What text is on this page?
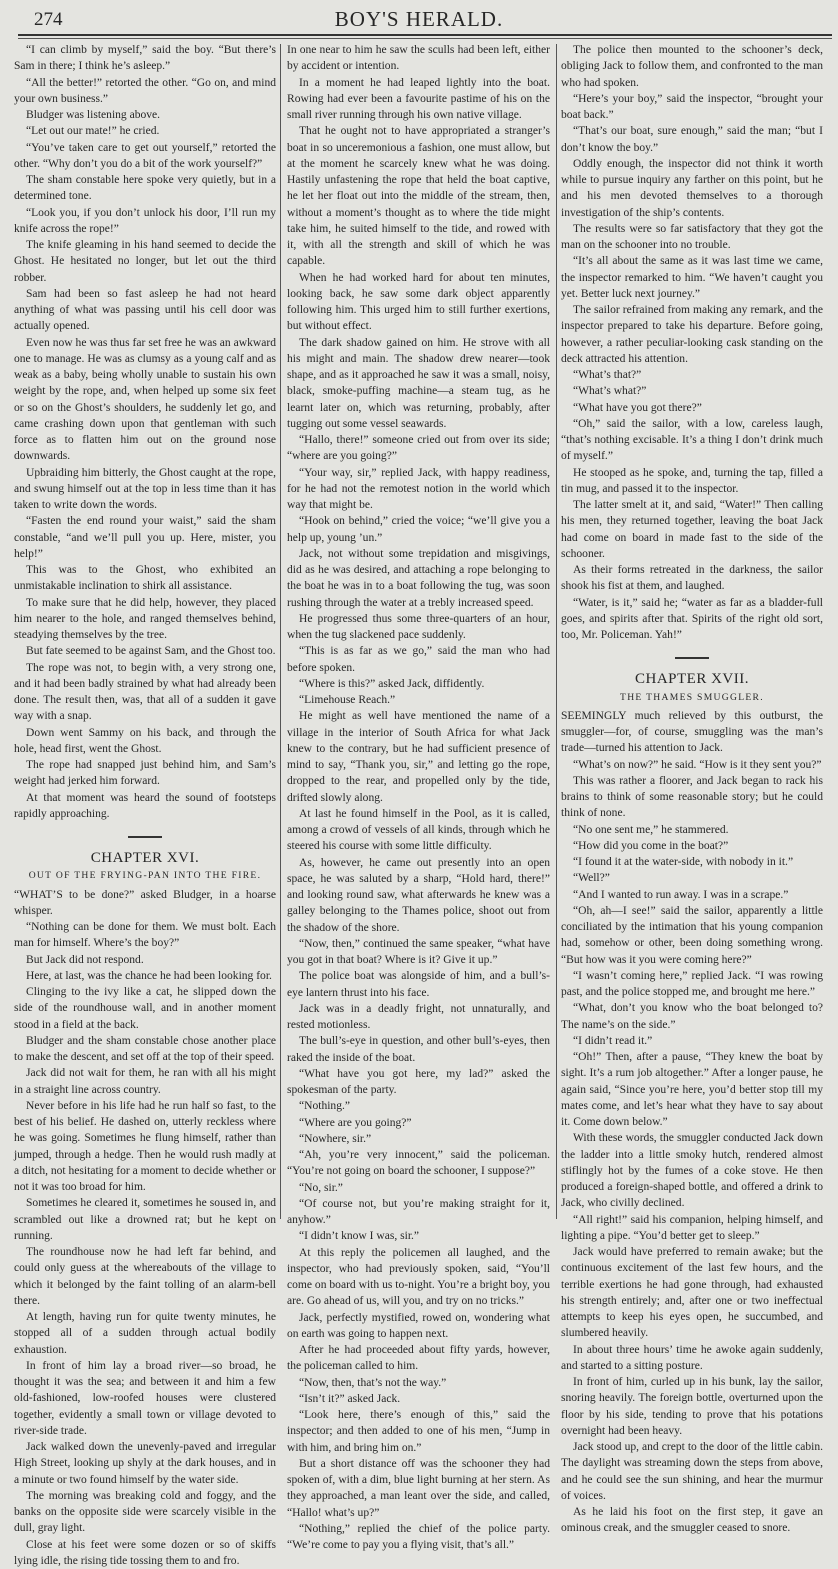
274	BOY'S HERALD.

“I can climb by myself,” said the boy. “But there’s Sam in there; I think he’s asleep.”

“All the better!” retorted the other. “Go on, and mind your own business.”

Bludger was listening above.

“Let out our mate!” he cried.

“You’ve taken care to get out yourself,” retorted the other. “Why don’t you do a bit of the work yourself?”

The sham constable here spoke very quietly, but in a determined tone.

“Look you, if you don’t unlock his door, I’ll run my knife across the rope!”

The knife gleaming in his hand seemed to decide the Ghost. He hesitated no longer, but let out the third robber.

Sam had been so fast asleep he had not heard anything of what was passing until his cell door was actually opened.

Even now he was thus far set free he was an awkward one to manage. He was as clumsy as a young calf and as weak as a baby, being wholly unable to sustain his own weight by the rope, and, when helped up some six feet or so on the Ghost’s shoulders, he suddenly let go, and came crashing down upon that gentleman with such force as to flatten him out on the ground nose downwards.

Upbraiding him bitterly, the Ghost caught at the rope, and swung himself out at the top in less time than it has taken to write down the words.

“Fasten the end round your waist,” said the sham constable, “and we’ll pull you up. Here, mister, you help!”

This was to the Ghost, who exhibited an unmistakable inclination to shirk all assistance.

To make sure that he did help, however, they placed him nearer to the hole, and ranged themselves behind, steadying themselves by the tree.

But fate seemed to be against Sam, and the Ghost too.

The rope was not, to begin with, a very strong one, and it had been badly strained by what had already been done. The result then, was, that all of a sudden it gave way with a snap.

Down went Sammy on his back, and through the hole, head first, went the Ghost.

The rope had snapped just behind him, and Sam’s weight had jerked him forward.

At that moment was heard the sound of footsteps rapidly approaching.

CHAPTER XVI.
OUT OF THE FRYING-PAN INTO THE FIRE.

“WHAT’S to be done?” asked Bludger, in a hoarse whisper.

“Nothing can be done for them. We must bolt. Each man for himself. Where’s the boy?”

But Jack did not respond.

Here, at last, was the chance he had been looking for.

Clinging to the ivy like a cat, he slipped down the side of the roundhouse wall, and in another moment stood in a field at the back.

Bludger and the sham constable chose another place to make the descent, and set off at the top of their speed.

Jack did not wait for them, he ran with all his might in a straight line across country.

Never before in his life had he run half so fast, to the best of his belief. He dashed on, utterly reckless where he was going. Sometimes he flung himself, rather than jumped, through a hedge. Then he would rush madly at a ditch, not hesitating for a moment to decide whether or not it was too broad for him.

Sometimes he cleared it, sometimes he soused in, and scrambled out like a drowned rat; but he kept on running.

The roundhouse now he had left far behind, and could only guess at the whereabouts of the village to which it belonged by the faint tolling of an alarm-bell there.

At length, having run for quite twenty minutes, he stopped all of a sudden through actual bodily exhaustion.

In front of him lay a broad river—so broad, he thought it was the sea; and between it and him a few old-fashioned, low-roofed houses were clustered together, evidently a small town or village devoted to river-side trade.

Jack walked down the unevenly-paved and irregular High Street, looking up shyly at the dark houses, and in a minute or two found himself by the water side.

The morning was breaking cold and foggy, and the banks on the opposite side were scarcely visible in the dull, gray light.

Close at his feet were some dozen or so of skiffs lying idle, the rising tide tossing them to and fro.

In one near to him he saw the sculls had been left, either by accident or intention.

In a moment he had leaped lightly into the boat. Rowing had ever been a favourite pastime of his on the small river running through his own native village.

That he ought not to have appropriated a stranger’s boat in so unceremonious a fashion, one must allow, but at the moment he scarcely knew what he was doing. Hastily unfastening the rope that held the boat captive, he let her float out into the middle of the stream, then, without a moment’s thought as to where the tide might take him, he suited himself to the tide, and rowed with it, with all the strength and skill of which he was capable.

When he had worked hard for about ten minutes, looking back, he saw some dark object apparently following him. This urged him to still further exertions, but without effect.

The dark shadow gained on him. He strove with all his might and main. The shadow drew nearer—took shape, and as it approached he saw it was a small, noisy, black, smoke-puffing machine—a steam tug, as he learnt later on, which was returning, probably, after tugging out some vessel seawards.

“Hallo, there!” someone cried out from over its side; “where are you going?”

“Your way, sir,” replied Jack, with happy readiness, for he had not the remotest notion in the world which way that might be.

“Hook on behind,” cried the voice; “we’ll give you a help up, young ’un.”

Jack, not without some trepidation and misgivings, did as he was desired, and attaching a rope belonging to the boat he was in to a boat following the tug, was soon rushing through the water at a trebly increased speed.

He progressed thus some three-quarters of an hour, when the tug slackened pace suddenly.

“This is as far as we go,” said the man who had before spoken.

“Where is this?” asked Jack, diffidently.

“Limehouse Reach.”

He might as well have mentioned the name of a village in the interior of South Africa for what Jack knew to the contrary, but he had sufficient presence of mind to say, “Thank you, sir,” and letting go the rope, dropped to the rear, and propelled only by the tide, drifted slowly along.

At last he found himself in the Pool, as it is called, among a crowd of vessels of all kinds, through which he steered his course with some little difficulty.

As, however, he came out presently into an open space, he was saluted by a sharp, “Hold hard, there!” and looking round saw, what afterwards he knew was a galley belonging to the Thames police, shoot out from the shadow of the shore.

“Now, then,” continued the same speaker, “what have you got in that boat? Where is it? Give it up.”

The police boat was alongside of him, and a bull’s-eye lantern thrust into his face.

Jack was in a deadly fright, not unnaturally, and rested motionless.

The bull’s-eye in question, and other bull’s-eyes, then raked the inside of the boat.

“What have you got here, my lad?” asked the spokesman of the party.

“Nothing.”

“Where are you going?”

“Nowhere, sir.”

“Ah, you’re very innocent,” said the policeman. “You’re not going on board the schooner, I suppose?”

“No, sir.”

“Of course not, but you’re making straight for it, anyhow.”

“I didn’t know I was, sir.”

At this reply the policemen all laughed, and the inspector, who had previously spoken, said, “You’ll come on board with us to-night. You’re a bright boy, you are. Go ahead of us, will you, and try on no tricks.”

Jack, perfectly mystified, rowed on, wondering what on earth was going to happen next.

After he had proceeded about fifty yards, however, the policeman called to him.

“Now, then, that’s not the way.”

“Isn’t it?” asked Jack.

“Look here, there’s enough of this,” said the inspector; and then added to one of his men, “Jump in with him, and bring him on.”

But a short distance off was the schooner they had spoken of, with a dim, blue light burning at her stern. As they approached, a man leant over the side, and called, “Hallo! what’s up?”

“Nothing,” replied the chief of the police party. “We’re come to pay you a flying visit, that’s all.”

The police then mounted to the schooner’s deck, obliging Jack to follow them, and confronted to the man who had spoken.

“Here’s your boy,” said the inspector, “brought your boat back.”

“That’s our boat, sure enough,” said the man; “but I don’t know the boy.”

Oddly enough, the inspector did not think it worth while to pursue inquiry any farther on this point, but he and his men devoted themselves to a thorough investigation of the ship’s contents.

The results were so far satisfactory that they got the man on the schooner into no trouble.

“It’s all about the same as it was last time we came, the inspector remarked to him. “We haven’t caught you yet. Better luck next journey.”

The sailor refrained from making any remark, and the inspector prepared to take his departure. Before going, however, a rather peculiar-looking cask standing on the deck attracted his attention.

“What’s that?”

“What’s what?”

“What have you got there?”

“Oh,” said the sailor, with a low, careless laugh, “that’s nothing excisable. It’s a thing I don’t drink much of myself.”

He stooped as he spoke, and, turning the tap, filled a tin mug, and passed it to the inspector.

The latter smelt at it, and said, “Water!” Then calling his men, they returned together, leaving the boat Jack had come on board in made fast to the side of the schooner.

As their forms retreated in the darkness, the sailor shook his fist at them, and laughed.

“Water, is it,” said he; “water as far as a bladder-full goes, and spirits after that. Spirits of the right old sort, too, Mr. Policeman. Yah!”

CHAPTER XVII.
THE THAMES SMUGGLER.

SEEMINGLY much relieved by this outburst, the smuggler—for, of course, smuggling was the man’s trade—turned his attention to Jack.

“What’s on now?” he said. “How is it they sent you?”

This was rather a floorer, and Jack began to rack his brains to think of some reasonable story; but he could think of none.

“No one sent me,” he stammered.

“How did you come in the boat?”

“I found it at the water-side, with nobody in it.”

“Well?”

“And I wanted to run away. I was in a scrape.”

“Oh, ah—I see!” said the sailor, apparently a little conciliated by the intimation that his young companion had, somehow or other, been doing something wrong. “But how was it you were coming here?”

“I wasn’t coming here,” replied Jack. “I was rowing past, and the police stopped me, and brought me here.”

“What, don’t you know who the boat belonged to? The name’s on the side.”

“I didn’t read it.”

“Oh!” Then, after a pause, “They knew the boat by sight. It’s a rum job altogether.” After a longer pause, he again said, “Since you’re here, you’d better stop till my mates come, and let’s hear what they have to say about it. Come down below.”

With these words, the smuggler conducted Jack down the ladder into a little smoky hutch, rendered almost stiflingly hot by the fumes of a coke stove. He then produced a foreign-shaped bottle, and offered a drink to Jack, who civilly declined.

“All right!” said his companion, helping himself, and lighting a pipe. “You’d better get to sleep.”

Jack would have preferred to remain awake; but the continuous excitement of the last few hours, and the terrible exertions he had gone through, had exhausted his strength entirely; and, after one or two ineffectual attempts to keep his eyes open, he succumbed, and slumbered heavily.

In about three hours’ time he awoke again suddenly, and started to a sitting posture.

In front of him, curled up in his bunk, lay the sailor, snoring heavily. The foreign bottle, overturned upon the floor by his side, tending to prove that his potations overnight had been heavy.

Jack stood up, and crept to the door of the little cabin. The daylight was streaming down the steps from above, and he could see the sun shining, and hear the murmur of voices.

As he laid his foot on the first step, it gave an ominous creak, and the smuggler ceased to snore.
